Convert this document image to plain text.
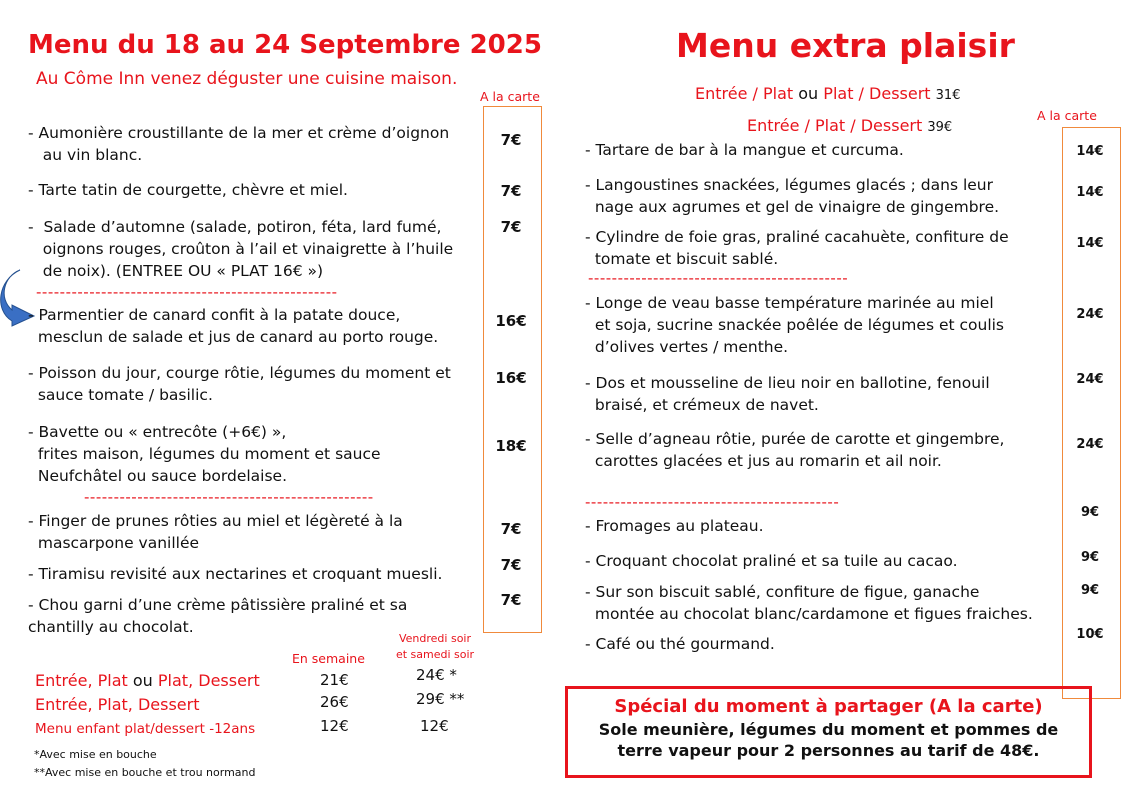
Menu du 18 au 24 Septembre 2025
Au Côme Inn venez déguster une cuisine maison.
A la carte
- Aumonière croustillante de la mer et crème d’oignon
au vin blanc.
7€
- Tarte tatin de courgette, chèvre et miel.	7€
-  Salade d’automne (salade, potiron, féta, lard fumé,
oignons rouges, croûton à l’ail et vinaigrette à l’huile
de noix). (ENTREE OU « PLAT 16€ »)
7€
---------------------------------------------------
- Parmentier de canard confit à la patate douce,
mesclun de salade et jus de canard au porto rouge.
16€
- Poisson du jour, courge rôtie, légumes du moment et
sauce tomate / basilic.
16€
- Bavette ou « entrecôte (+6€) »,
frites maison, légumes du moment et sauce
Neufchâtel ou sauce bordelaise.
18€
-------------------------------------------------
- Finger de prunes rôties au miel et légèreté à la
mascarpone vanillée
7€
- Tiramisu revisité aux nectarines et croquant muesli.	7€
- Chou garni d’une crème pâtissière praliné et sa
chantilly au chocolat.
7€
En semaine
Vendredi soir
et samedi soir
Entrée, Plat ou Plat, Dessert	21€	24€ *
Entrée, Plat, Dessert	26€	29€ **
Menu enfant plat/dessert -12ans	12€	12€
*Avec mise en bouche
**Avec mise en bouche et trou normand
Menu extra plaisir
Entrée / Plat ou Plat / Dessert 31€
Entrée / Plat / Dessert 39€
A la carte
- Tartare de bar à la mangue et curcuma.	14€
- Langoustines snackées, légumes glacés ; dans leur
nage aux agrumes et gel de vinaigre de gingembre.
14€
- Cylindre de foie gras, praliné cacahuète, confiture de
tomate et biscuit sablé.
14€
--------------------------------------------
- Longe de veau basse température marinée au miel
et soja, sucrine snackée poêlée de légumes et coulis
d’olives vertes / menthe.
24€
- Dos et mousseline de lieu noir en ballotine, fenouil
braisé, et crémeux de navet.
24€
- Selle d’agneau rôtie, purée de carotte et gingembre,
carottes glacées et jus au romarin et ail noir.
24€
-------------------------------------------
- Fromages au plateau.
9€
- Croquant chocolat praliné et sa tuile au cacao.	9€
- Sur son biscuit sablé, confiture de figue, ganache
montée au chocolat blanc/cardamone et figues fraiches.
9€
- Café ou thé gourmand.
10€
Spécial du moment à partager (A la carte)
Sole meunière, légumes du moment et pommes de
terre vapeur pour 2 personnes au tarif de 48€.
